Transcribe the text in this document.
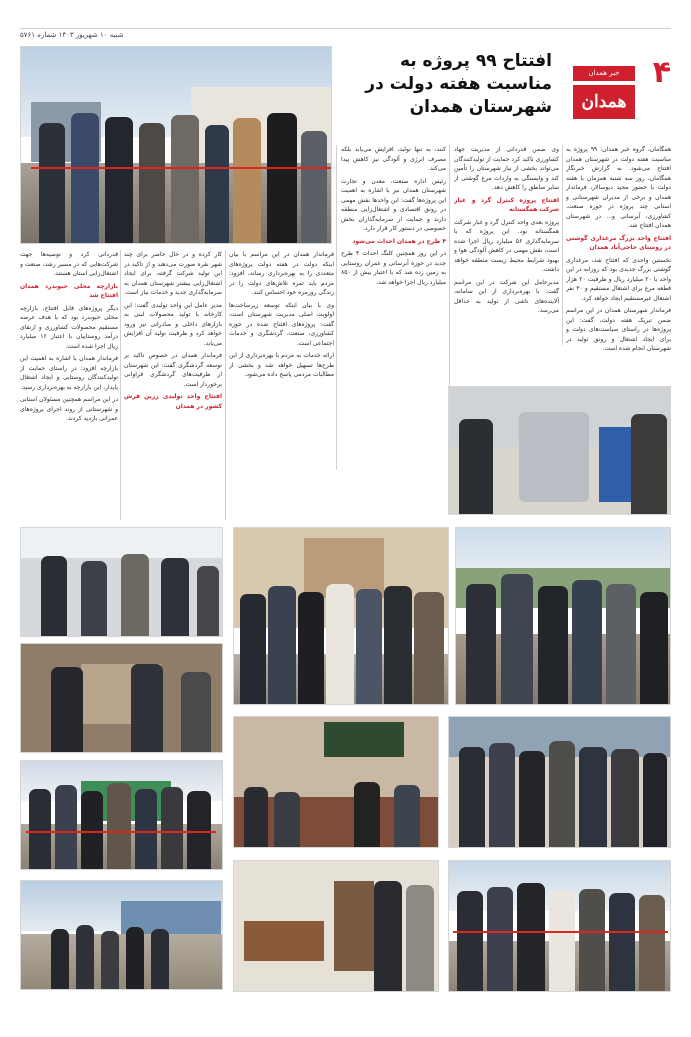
شنبه ۱۰ شهریور ۱۴۰۳ شماره ۵۷۶۱
۴
خبر همدان
همدان
افتتاح ۹۹ پروژه به مناسبت هفته دولت در شهرستان همدان

همگامان، گروه خبر همدان: ۹۹ پروژه به مناسبت هفته دولت در شهرستان همدان افتتاح می‌شود. به گزارش خبرنگار همگامان، روز سه شنبه همزمان با هفته دولت با حضور مجید دیوسالار، فرماندار همدان و برخی از مدیران شهرستانی و استانی چند پروژه در حوزه صنعت، کشاورزی، آبرسانی و... در شهرستان همدان افتتاح شد.

افتتاح واحد بزرگ مرغداری گوشتی در روستای حاجی‌آباد همدان

نخستین واحدی که افتتاح شد، مرغداری گوشتی بزرگ جدیدی بود که روزانه در این واحد با ۲۰ میلیارد ریال و ظرفیت ۲۰ هزار قطعه مرغ برای اشتغال مستقیم و ۳۰ نفر اشتغال غیرمستقیم ایجاد خواهد کرد.

فرماندار شهرستان همدان در این مراسم ضمن تبریک هفته دولت، گفت: این پروژه‌ها در راستای سیاست‌های دولت و برای ایجاد اشتغال و رونق تولید در شهرستان انجام شده است.

وی ضمن قدردانی از مدیریت جهاد کشاورزی تاکید کرد حمایت از تولیدکنندگان می‌تواند بخشی از نیاز شهرستان را تأمین کند و وابستگی به واردات مرغ گوشتی از سایر مناطق را کاهش دهد.

افتتاح پروژه کنترل گرد و غبار شرکت همگستانه

پروژه بعدی واحد کنترل گرد و غبار شرکت همگستانه بود. این پروژه که با سرمایه‌گذاری ۵۶ میلیارد ریال اجرا شده است، نقش مهمی در کاهش آلودگی هوا و بهبود شرایط محیط زیست منطقه خواهد داشت.

مدیرعامل این شرکت در این مراسم گفت: با بهره‌برداری از این سامانه، آلاینده‌های ناشی از تولید به حداقل می‌رسد.

کنند، به تنها تولید، افزایش می‌یابد بلکه مصرف انرژی و آلودگی نیز کاهش پیدا می‌کند.

رئیس اداره صنعت، معدن و تجارت شهرستان همدان نیز با اشاره به اهمیت این پروژه‌ها گفت: این واحدها نقش مهمی در رونق اقتصادی و اشتغال‌زایی منطقه دارند و حمایت از سرمایه‌گذاران بخش خصوصی در دستور کار قرار دارد.

۴ طرح در همدان احداث می‌شود

در این روز همچنین کلنگ احداث ۴ طرح جدید در حوزه آبرسانی و عمران روستایی به زمین زده شد که با اعتبار بیش از ۸۵۰ میلیارد ریال اجرا خواهد شد.

فرماندار همدان در این مراسم با بیان اینکه دولت در هفته دولت پروژه‌های متعددی را به بهره‌برداری رساند، افزود: مردم باید ثمره تلاش‌های دولت را در زندگی روزمره خود احساس کنند.

وی با بیان اینکه توسعه زیرساخت‌ها اولویت اصلی مدیریت شهرستان است، گفت: پروژه‌های افتتاح شده در حوزه کشاورزی، صنعت، گردشگری و خدمات اجتماعی است.

ارائه خدمات به مردم با بهره‌برداری از این طرح‌ها تسهیل خواهد شد و بخشی از مطالبات مردمی پاسخ داده می‌شود.

کار کرده و در حال حاضر برای چند شهر نقره صورت می‌دهند و از تاکید در این تولید شرکت گرفته، برای ایجاد اشتغال‌زایی بیشتر شهرستان همدان به سرمایه‌گذاری جدید و خدمات نیاز است.

مدیر عامل این واحد تولیدی گفت: این کارخانه با تولید محصولات لبنی به بازارهای داخلی و صادراتی نیز ورود خواهد کرد و ظرفیت تولید آن افزایش می‌یابد.

فرماندار همدان در خصوص تاکید بر توسعه گردشگری گفت: این شهرستان از ظرفیت‌های گردشگری فراوانی برخوردار است.

افتتاح واحد تولیدی زرین فرش کشور در همدان

قدردانی کرد و توصیه‌ها جهت شرکت‌هایی که در مسیر رشد، صنعت و اشتغال‌زایی استان هستند.

بازارچه محلی حبوبدرد همدان افتتاح شد

دیگر پروژه‌های قابل افتتاح، بازارچه محلی حبوبدرد بود که با هدف عرضه مستقیم محصولات کشاورزی و ارتقای درآمد روستاییان با اعتبار ۱۶ میلیارد ریال اجرا شده است.

فرماندار همدان با اشاره به اهمیت این بازارچه افزود: در راستای حمایت از تولیدکنندگان روستایی و ایجاد اشتغال پایدار، این بازارچه به بهره‌برداری رسید.

در این مراسم همچنین مسئولان استانی و شهرستانی از روند اجرای پروژه‌های عمرانی بازدید کردند.
